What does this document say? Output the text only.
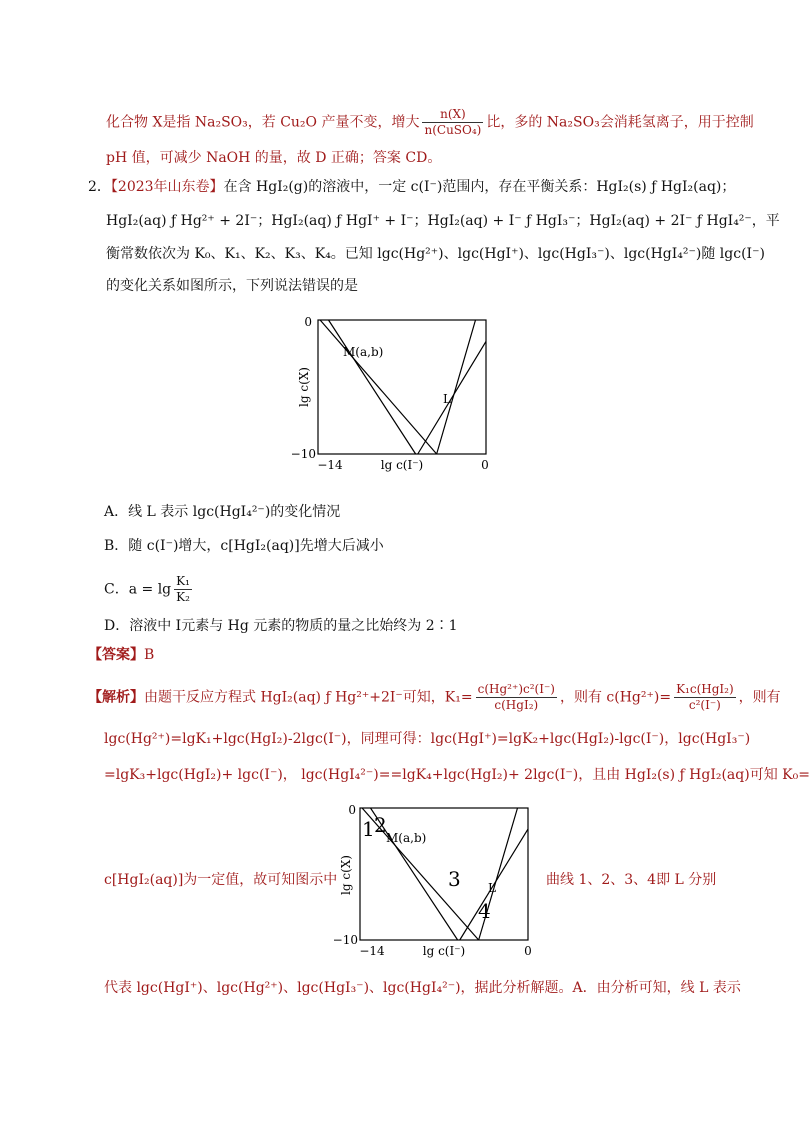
化合物 X是指 Na₂SO₃，若 Cu₂O 产量不变，增大 $\frac{n(X)}{\text{n(CuSO₄)}}$ 比，多的 Na₂SO₃会消耗氢离子，用于控制
pH 值，可减少 NaOH 的量，故 D 正确；答案 CD。
2．【2023年山东卷】在含 HgI₂(g)的溶液中，一定 c(I⁻)范围内，存在平衡关系：HgI₂(s) ƒ HgI₂(aq)；
HgI₂(aq) ƒ Hg²⁺ + 2I⁻；HgI₂(aq) ƒ HgI⁺ + I⁻；HgI₂(aq) + I⁻ ƒ HgI₃⁻；HgI₂(aq) + 2I⁻ ƒ HgI₄²⁻，平
衡常数依次为 K₀、K₁、K₂、K₃、K₄。已知 lgc(Hg²⁺)、lgc(HgI⁺)、lgc(HgI₃⁻)、lgc(HgI₄²⁻)随 lgc(I⁻)
的变化关系如图所示，下列说法错误的是
0
−10
−14	0
lg c(I⁻)
lg c(X)
M(a,b)
L
A．线 L 表示 lgc(HgI₄²⁻)的变化情况
B．随 c(I⁻)增大，c[HgI₂(aq)]先增大后减小
C．$a = \lg \frac{\text{K₁}}{\text{K₂}}$
D．溶液中 I元素与 Hg 元素的物质的量之比始终为 2∶1
【答案】B
【解析】由题干反应方程式 HgI₂(aq) ƒ Hg²⁺+2I⁻可知，$K_1= \frac{\text{c(Hg²⁺)c²(I⁻)}}{\text{c(HgI₂)}}$ ，则有 $c(Hg^{2+})= \frac{\text{K₁c(HgI₂)}}{\text{c²(I⁻)}}$ ，则有
lgc(Hg²⁺)=lgK₁+lgc(HgI₂)-2lgc(I⁻)，同理可得：lgc(HgI⁺)=lgK₂+lgc(HgI₂)-lgc(I⁻)，lgc(HgI₃⁻)
=lgK₃+lgc(HgI₂)+ lgc(I⁻)， lgc(HgI₄²⁻)==lgK₄+lgc(HgI₂)+ 2lgc(I⁻)，且由 HgI₂(s) ƒ HgI₂(aq)可知 K₀=
c[HgI₂(aq)]为一定值，故可知图示中
0
−10
−14	0
lg c(I⁻)
lg c(X)
M(a,b)
L
1 2
3
4
曲线 1、2、3、4即 L 分别
代表 lgc(HgI⁺)、lgc(Hg²⁺)、lgc(HgI₃⁻)、lgc(HgI₄²⁻)，据此分析解题。A．由分析可知，线 L 表示
